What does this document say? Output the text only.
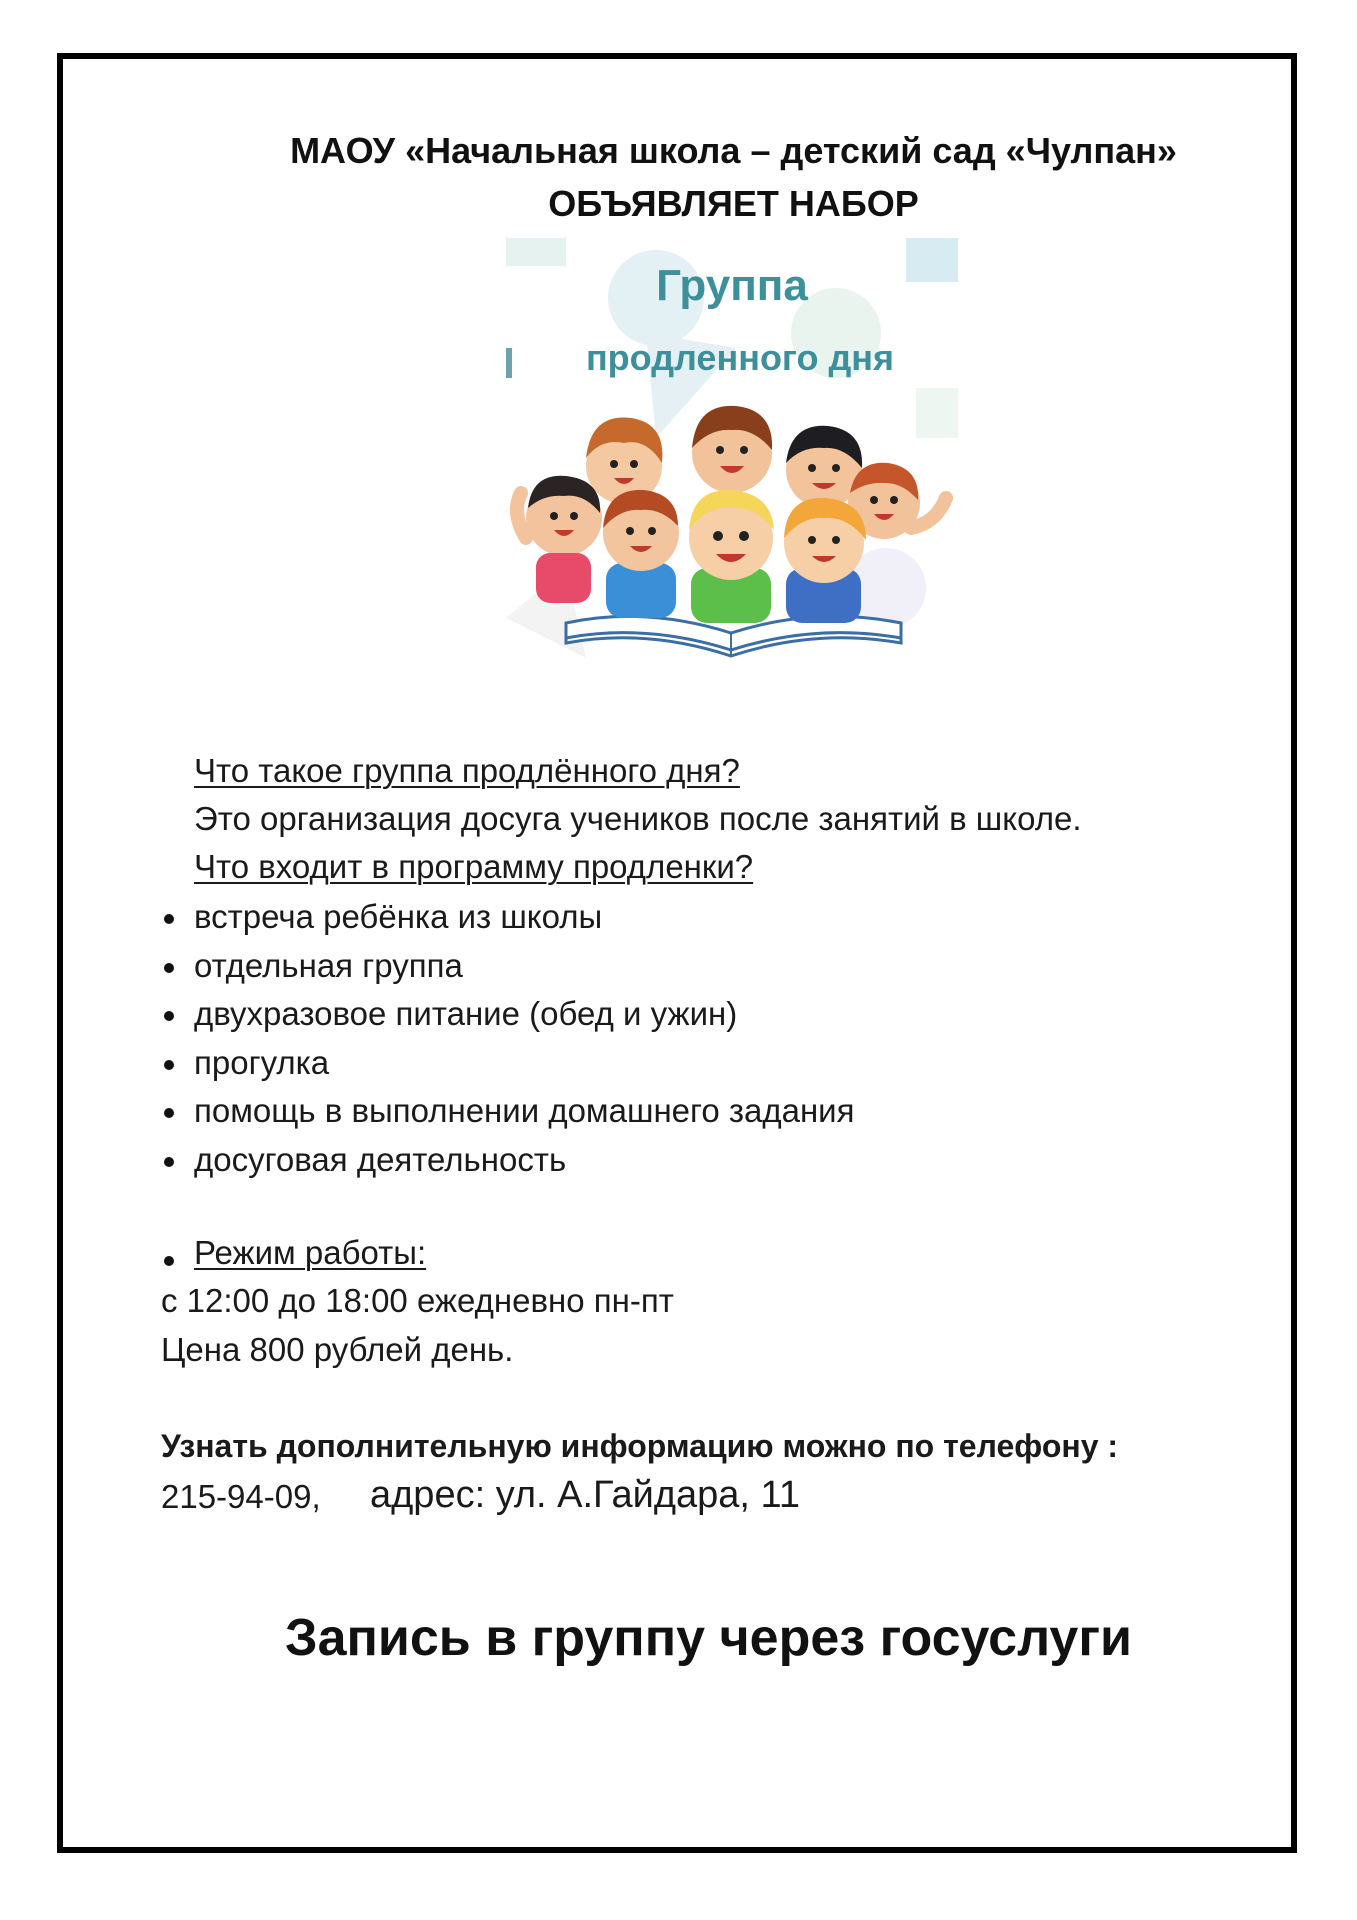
МАОУ «Начальная школа – детский сад «Чулпан»
ОБЪЯВЛЯЕТ НАБОР
Группа
продленного дня
Что такое группа продлённого дня?
Это организация досуга учеников после занятий в школе.
Что входит в программу продленки?
встреча ребёнка из школы
отдельная группа
двухразовое питание (обед и ужин)
прогулка
помощь в выполнении домашнего задания
досуговая деятельность
Режим работы:
с 12:00 до 18:00 ежедневно пн-пт
Цена 800 рублей день.
Узнать дополнительную информацию можно по телефону :
215-94-09, адрес: ул. А.Гайдара, 11
Запись в группу через госуслуги
